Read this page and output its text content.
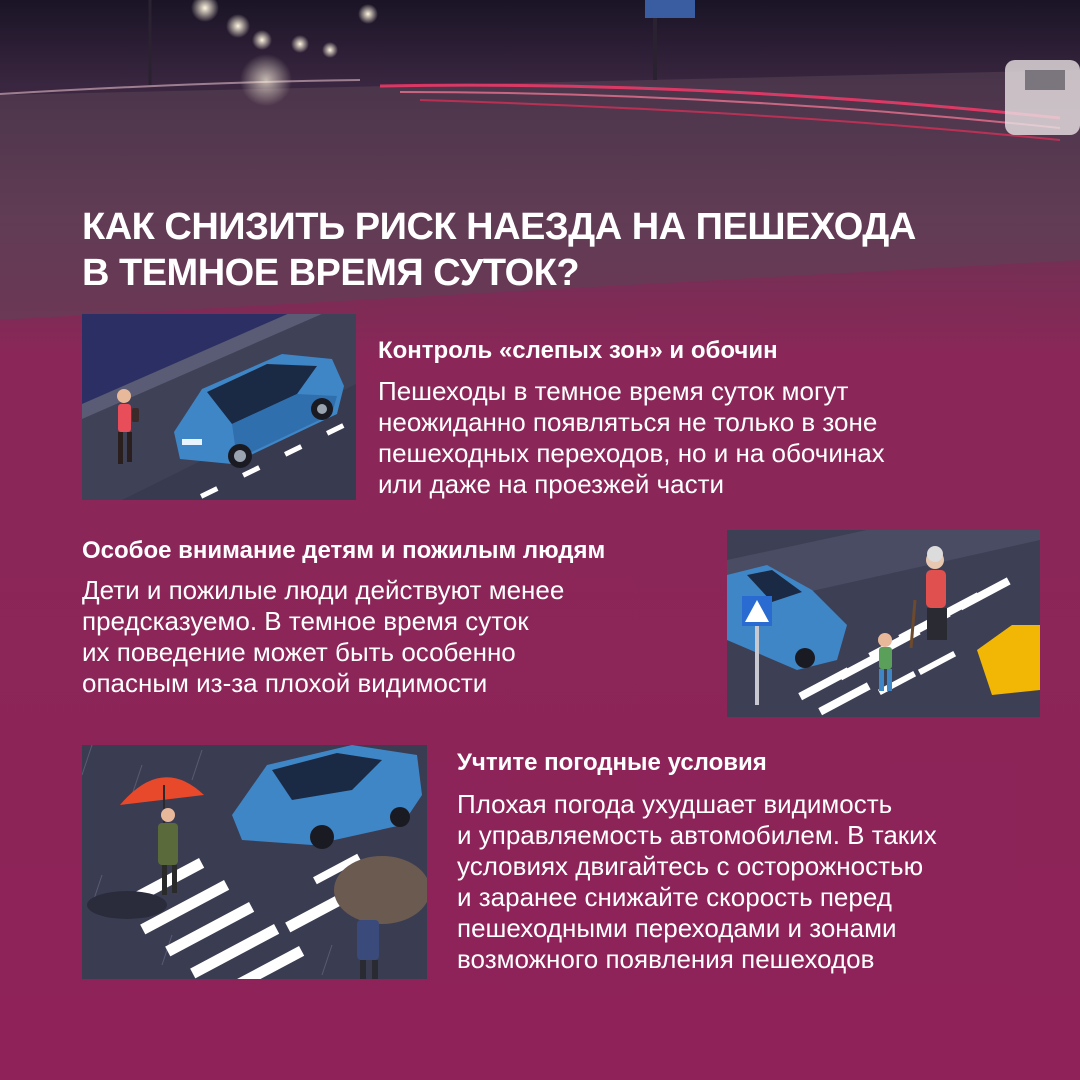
КАК СНИЗИТЬ РИСК НАЕЗДА НА ПЕШЕХОДА
В ТЕМНОЕ ВРЕМЯ СУТОК?
Контроль «слепых зон» и обочин

Пешеходы в темное время суток могут
неожиданно появляться не только в зоне
пешеходных переходов, но и на обочинах
или даже на проезжей части

Особое внимание детям и пожилым людям

Дети и пожилые люди действуют менее
предсказуемо. В темное время суток
их поведение может быть особенно
опасным из-за плохой видимости

Учтите погодные условия

Плохая погода ухудшает видимость
и управляемость автомобилем. В таких
условиях двигайтесь с осторожностью
и заранее снижайте скорость перед
пешеходными переходами и зонами
возможного появления пешеходов
